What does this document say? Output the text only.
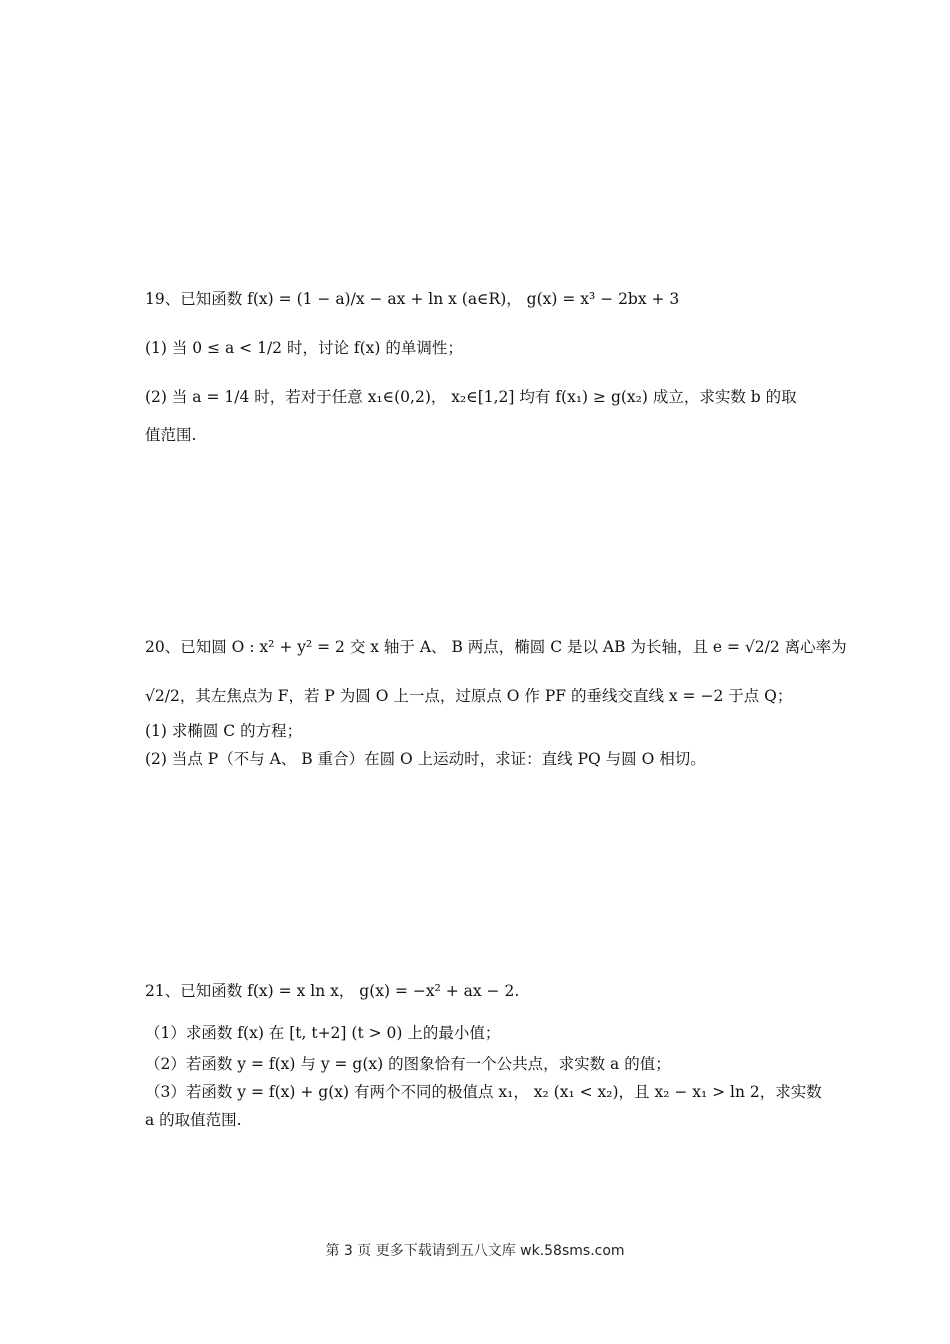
19、已知函数 f(x) = (1 − a)/x − ax + ln x (a∈R)， g(x) = x³ − 2bx + 3
(1) 当 0 ≤ a < 1/2 时，讨论 f(x) 的单调性；
(2) 当 a = 1/4 时，若对于任意 x₁∈(0,2)， x₂∈[1,2] 均有 f(x₁) ≥ g(x₂) 成立，求实数 b 的取
值范围.
20、已知圆 O : x² + y² = 2 交 x 轴于 A、 B 两点，椭圆 C 是以 AB 为长轴，且 e = √2/2 离心率为
√2/2，其左焦点为 F，若 P 为圆 O 上一点，过原点 O 作 PF 的垂线交直线 x = −2 于点 Q；
(1) 求椭圆 C 的方程；
(2) 当点 P（不与 A、 B 重合）在圆 O 上运动时，求证：直线 PQ 与圆 O 相切。
21、已知函数 f(x) = x ln x， g(x) = −x² + ax − 2.
（1）求函数 f(x) 在 [t, t+2] (t > 0) 上的最小值；
（2）若函数 y = f(x) 与 y = g(x) 的图象恰有一个公共点，求实数 a 的值；
（3）若函数 y = f(x) + g(x) 有两个不同的极值点 x₁， x₂ (x₁ < x₂)，且 x₂ − x₁ > ln 2，求实数
a 的取值范围.
第 3 页 更多下载请到五八文库 wk.58sms.com
